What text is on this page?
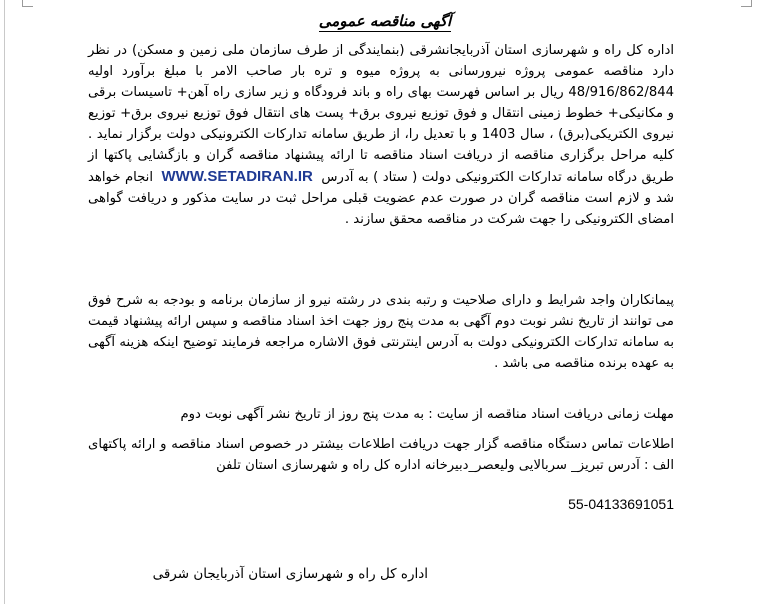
آگهی مناقصه عمومی
اداره کل راه و شهرسازی استان آذربایجانشرقی (بنمایندگی از طرف سازمان ملی زمین و مسکن) در نظر دارد مناقصه عمومی پروژه نیرورسانی به پروژه میوه و تره بار صاحب الامر با مبلغ برآورد اولیه 48/916/862/844 ریال بر اساس فهرست بهای راه و باند فرودگاه و زیر سازی راه آهن+ تاسیسات برقی و مکانیکی+ خطوط زمینی انتقال و فوق توزیع نیروی برق+ پست های انتقال فوق توزیع نیروی برق+ توزیع نیروی الکتریکی(برق) ، سال 1403 و با تعدیل را، از طریق سامانه تدارکات الکترونیکی دولت برگزار نماید . کلیه مراحل برگزاری مناقصه از دریافت اسناد مناقصه تا ارائه پیشنهاد مناقصه گران و بازگشایی پاکتها از طریق درگاه سامانه تدارکات الکترونیکی دولت ( ستاد ) به آدرس WWW.SETADIRAN.IR انجام خواهد شد و لازم است مناقصه گران در صورت عدم عضویت قبلی مراحل ثبت در سایت مذکور و دریافت گواهی امضای الکترونیکی را جهت شرکت در مناقصه محقق سازند .
پیمانکاران واجد شرایط و دارای صلاحیت و رتبه بندی در رشته نیرو از سازمان برنامه و بودجه به شرح فوق می توانند از تاریخ نشر نوبت دوم آگهی به مدت پنج روز جهت اخذ اسناد مناقصه و سپس ارائه پیشنهاد قیمت به سامانه تدارکات الکترونیکی دولت به آدرس اینترنتی فوق الاشاره مراجعه فرمایند توضیح اینکه هزینه آگهی به عهده برنده مناقصه می باشد .
مهلت زمانی دریافت اسناد مناقصه از سایت : به مدت پنج روز از تاریخ نشر آگهی نوبت دوم
اطلاعات تماس دستگاه مناقصه گزار جهت دریافت اطلاعات بیشتر در خصوص اسناد مناقصه و ارائه پاکتهای الف : آدرس تبریز_ سربالایی ولیعصر_دبیرخانه اداره کل راه و شهرسازی استان تلفن
55-04133691051
اداره کل راه و شهرسازی استان آذربایجان شرقی
